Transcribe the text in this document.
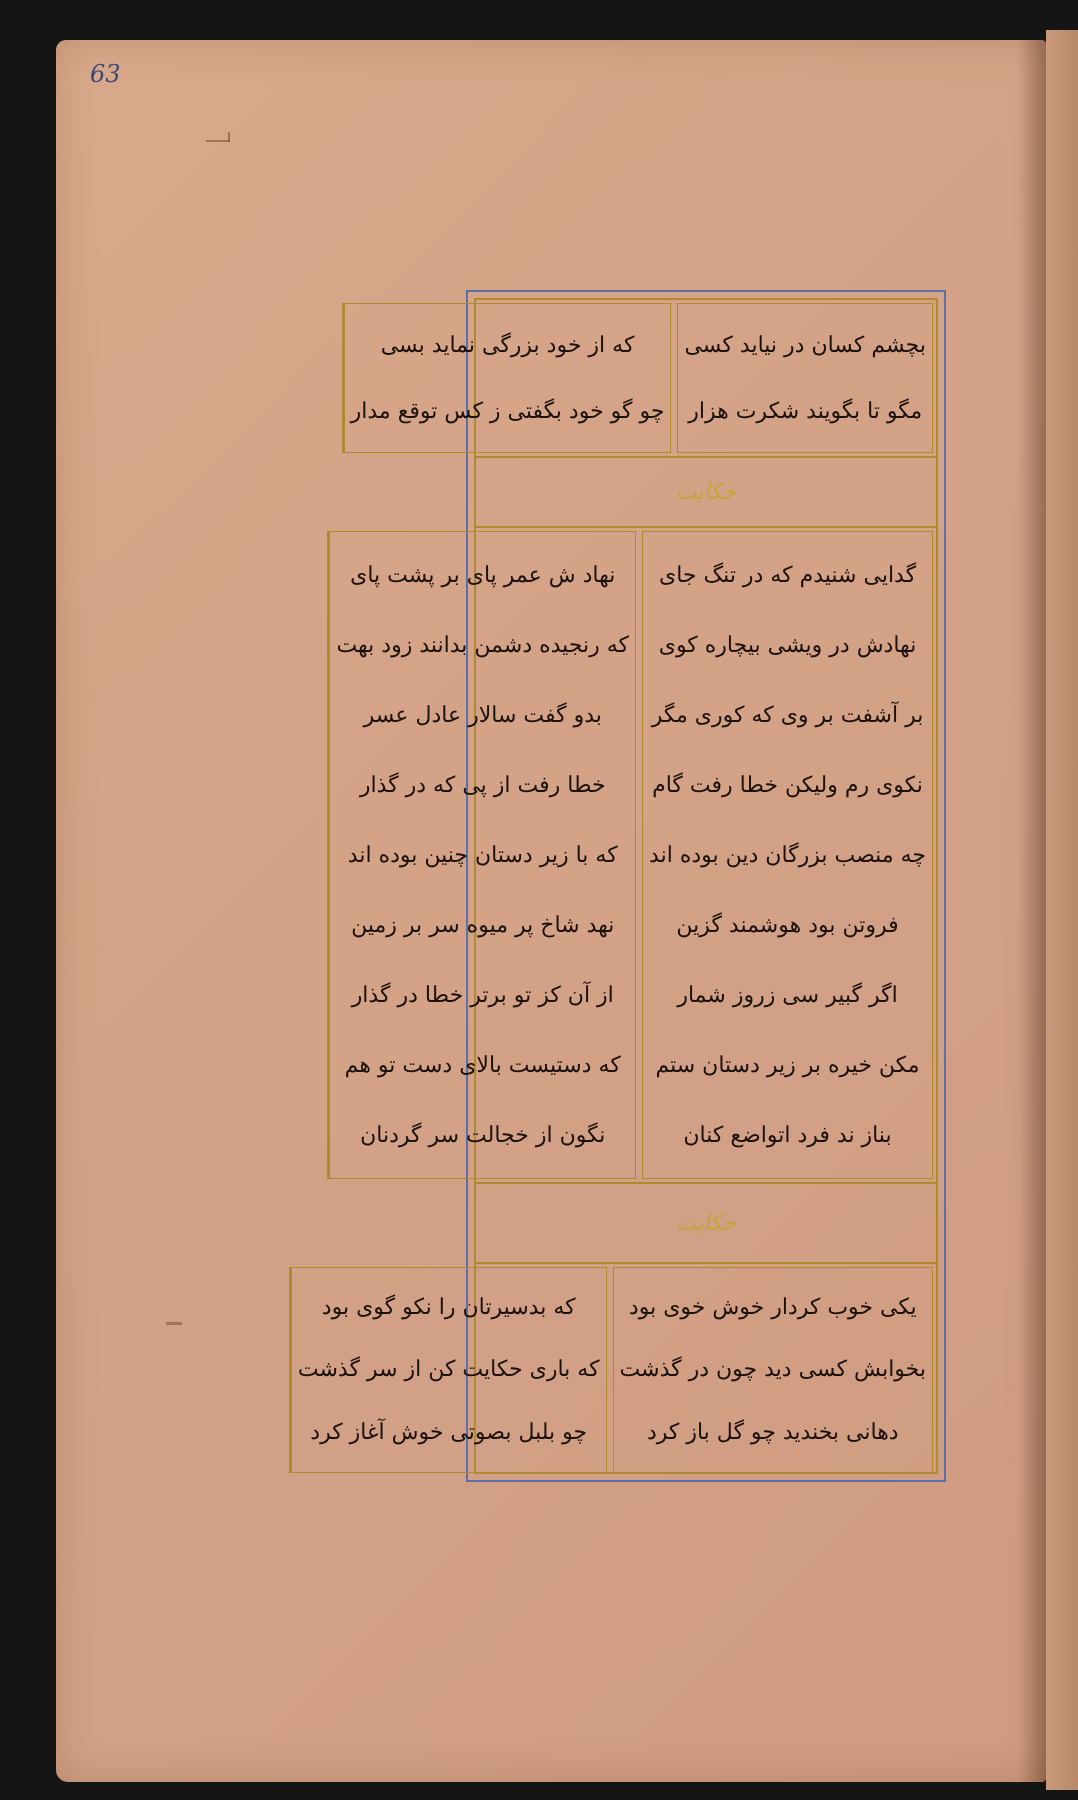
63
بچشم کسان در نیاید کسی
مگو تا بگویند شکرت هزار
که از خود بزرگی نماید بسی
چو گو خود بگفتی ز کس توقع مدار
حکایت
گدایی شنیدم که در تنگ جای
نهادش در ویشی بیچاره کوی
بر آشفت بر وی که کوری مگر
نکوی رم ولیکن خطا رفت گام
چه منصب بزرگان دین بوده اند
فروتن بود هوشمند گزین
اگر گبیر سی زروز شمار
مکن خیره بر زیر دستان ستم
بناز ند فرد اتواضع کنان
نهاد ش عمر پای بر پشت پای
که رنجیده دشمن بدانند زود بهت
بدو گفت سالار عادل عسر
خطا رفت از پی که در گذار
که با زیر دستان چنین بوده اند
نهد شاخ پر میوه سر بر زمین
از آن کز تو برتر خطا در گذار
که دستیست بالای دست تو هم
نگون از خجالت سر گردنان
حکایت
یکی خوب کردار خوش خوی بود
بخوابش کسی دید چون در گذشت
دهانی بخندید چو گل باز کرد
که بدسیرتان را نکو گوی بود
که باری حکایت کن از سر گذشت
چو بلبل بصوتی خوش آغاز کرد
